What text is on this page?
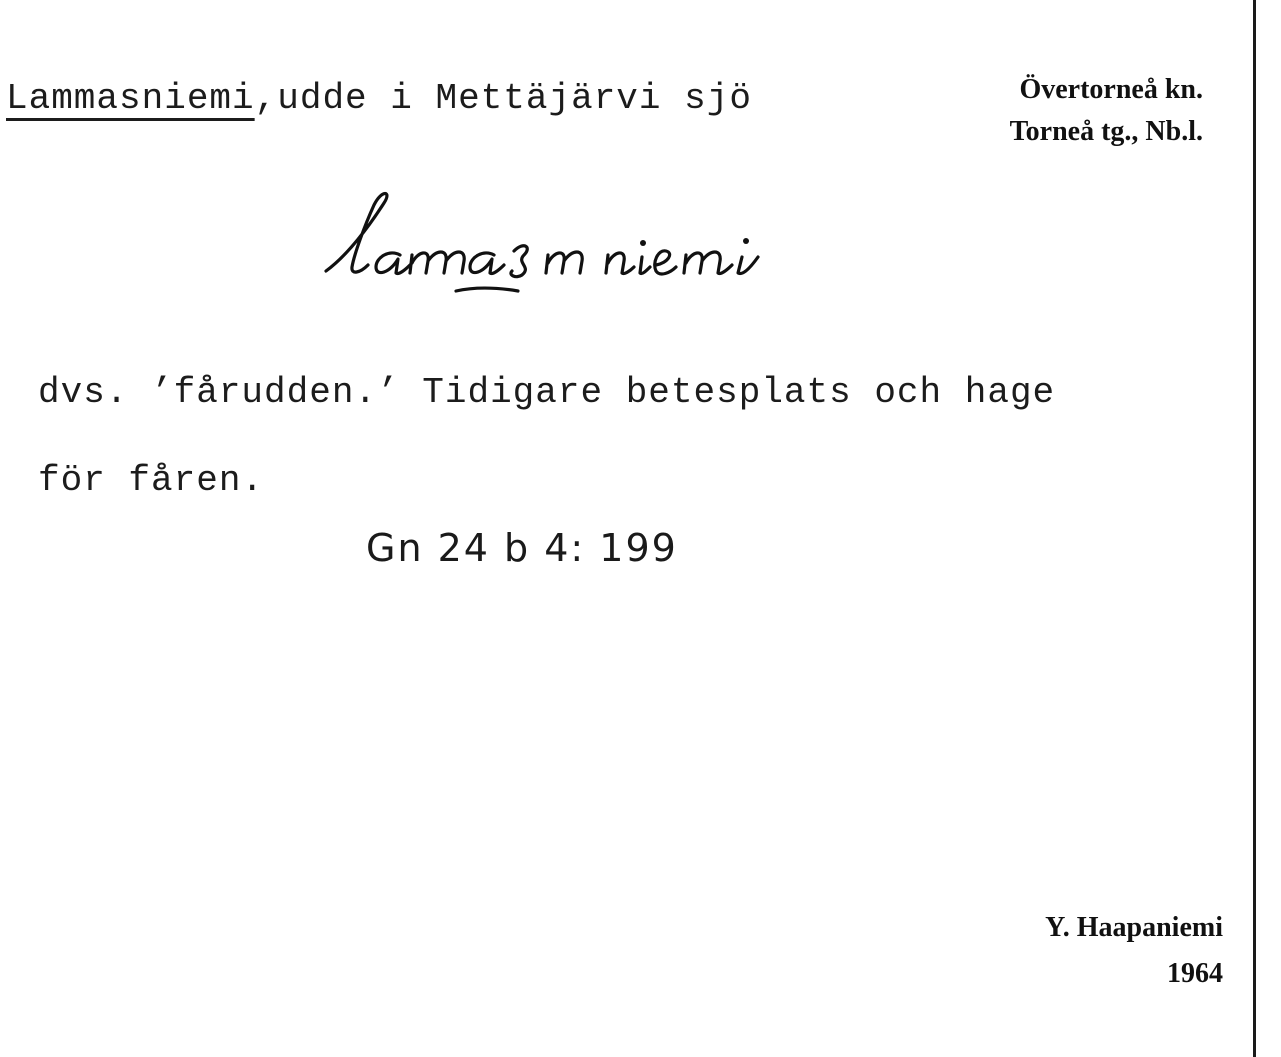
Lammasniemi,udde i Mettäjärvi sjö	Övertorneå kn.
Torneå tg., Nb.l.
dvs. ’fårudden.’ Tidigare betesplats och hage
för fåren.
Gn 24 b 4: 199
Y. Haapaniemi
1964
